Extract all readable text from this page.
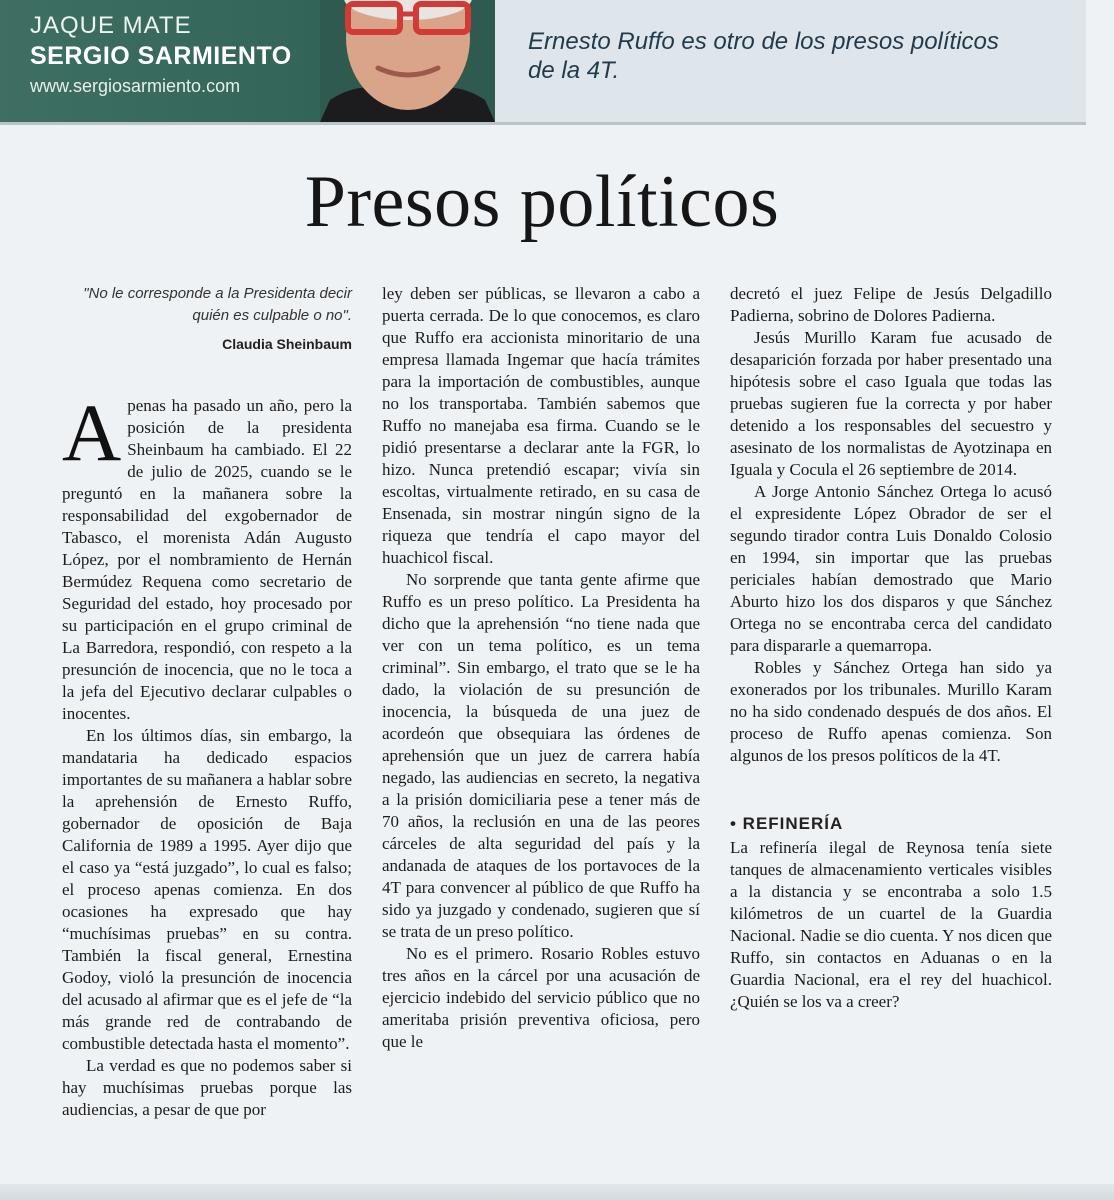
JAQUE MATE
SERGIO SARMIENTO
www.sergiosarmiento.com
Ernesto Ruffo es otro de los presos políticos de la 4T.
Presos políticos

"No le corresponde a la Presidenta decir quién es culpable o no".

Claudia Sheinbaum

A penas ha pasado un año, pero la posición de la presidenta Sheinbaum ha cambiado. El 22 de julio de 2025, cuando se le preguntó en la mañanera sobre la responsabilidad del exgobernador de Tabasco, el morenista Adán Augusto López, por el nombramiento de Hernán Bermúdez Requena como secretario de Seguridad del estado, hoy procesado por su participación en el grupo criminal de La Barredora, respondió, con respeto a la presunción de inocencia, que no le toca a la jefa del Ejecutivo declarar culpables o inocentes.

En los últimos días, sin embargo, la mandataria ha dedicado espacios importantes de su mañanera a hablar sobre la aprehensión de Ernesto Ruffo, gobernador de oposición de Baja California de 1989 a 1995. Ayer dijo que el caso ya “está juzgado”, lo cual es falso; el proceso apenas comienza. En dos ocasiones ha expresado que hay “muchísimas pruebas” en su contra. También la fiscal general, Ernestina Godoy, violó la presunción de inocencia del acusado al afirmar que es el jefe de “la más grande red de contrabando de combustible detectada hasta el momento”.

La verdad es que no podemos saber si hay muchísimas pruebas porque las audiencias, a pesar de que por

ley deben ser públicas, se llevaron a cabo a puerta cerrada. De lo que conocemos, es claro que Ruffo era accionista minoritario de una empresa llamada Ingemar que hacía trámites para la importación de combustibles, aunque no los transportaba. También sabemos que Ruffo no manejaba esa firma. Cuando se le pidió presentarse a declarar ante la FGR, lo hizo. Nunca pretendió escapar; vivía sin escoltas, virtualmente retirado, en su casa de Ensenada, sin mostrar ningún signo de la riqueza que tendría el capo mayor del huachicol fiscal.

No sorprende que tanta gente afirme que Ruffo es un preso político. La Presidenta ha dicho que la aprehensión “no tiene nada que ver con un tema político, es un tema criminal”. Sin embargo, el trato que se le ha dado, la violación de su presunción de inocencia, la búsqueda de una juez de acordeón que obsequiara las órdenes de aprehensión que un juez de carrera había negado, las audiencias en secreto, la negativa a la prisión domiciliaria pese a tener más de 70 años, la reclusión en una de las peores cárceles de alta seguridad del país y la andanada de ataques de los portavoces de la 4T para convencer al público de que Ruffo ha sido ya juzgado y condenado, sugieren que sí se trata de un preso político.

No es el primero. Rosario Robles estuvo tres años en la cárcel por una acusación de ejercicio indebido del servicio público que no ameritaba prisión preventiva oficiosa, pero que le

decretó el juez Felipe de Jesús Delgadillo Padierna, sobrino de Dolores Padierna.

Jesús Murillo Karam fue acusado de desaparición forzada por haber presentado una hipótesis sobre el caso Iguala que todas las pruebas sugieren fue la correcta y por haber detenido a los responsables del secuestro y asesinato de los normalistas de Ayotzinapa en Iguala y Cocula el 26 septiembre de 2014.

A Jorge Antonio Sánchez Ortega lo acusó el expresidente López Obrador de ser el segundo tirador contra Luis Donaldo Colosio en 1994, sin importar que las pruebas periciales habían demostrado que Mario Aburto hizo los dos disparos y que Sánchez Ortega no se encontraba cerca del candidato para dispararle a quemarropa.

Robles y Sánchez Ortega han sido ya exonerados por los tribunales. Murillo Karam no ha sido condenado después de dos años. El proceso de Ruffo apenas comienza. Son algunos de los presos políticos de la 4T.

• REFINERÍA

La refinería ilegal de Reynosa tenía siete tanques de almacenamiento verticales visibles a la distancia y se encontraba a solo 1.5 kilómetros de un cuartel de la Guardia Nacional. Nadie se dio cuenta. Y nos dicen que Ruffo, sin contactos en Aduanas o en la Guardia Nacional, era el rey del huachicol. ¿Quién se los va a creer?
